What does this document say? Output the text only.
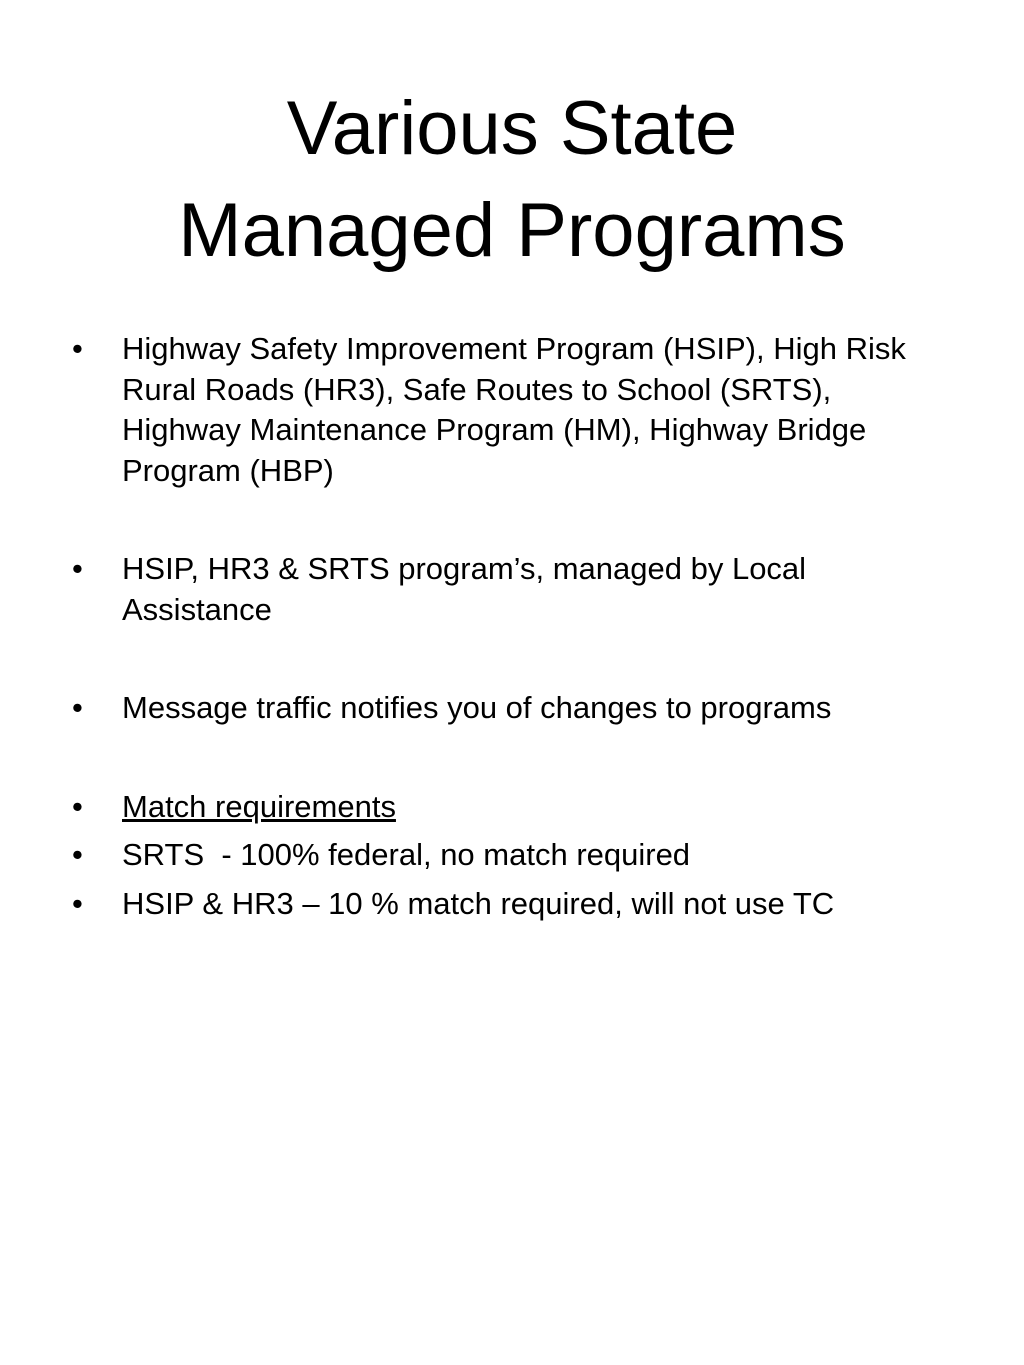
Various State
Managed Programs
• Highway Safety Improvement Program (HSIP), High Risk Rural Roads (HR3), Safe Routes to School (SRTS), Highway Maintenance Program (HM), Highway Bridge Program (HBP)
• HSIP, HR3 & SRTS program’s, managed by Local Assistance
• Message traffic notifies you of changes to programs
• Match requirements
• SRTS  - 100% federal, no match required
• HSIP & HR3 – 10 % match required, will not use TC
